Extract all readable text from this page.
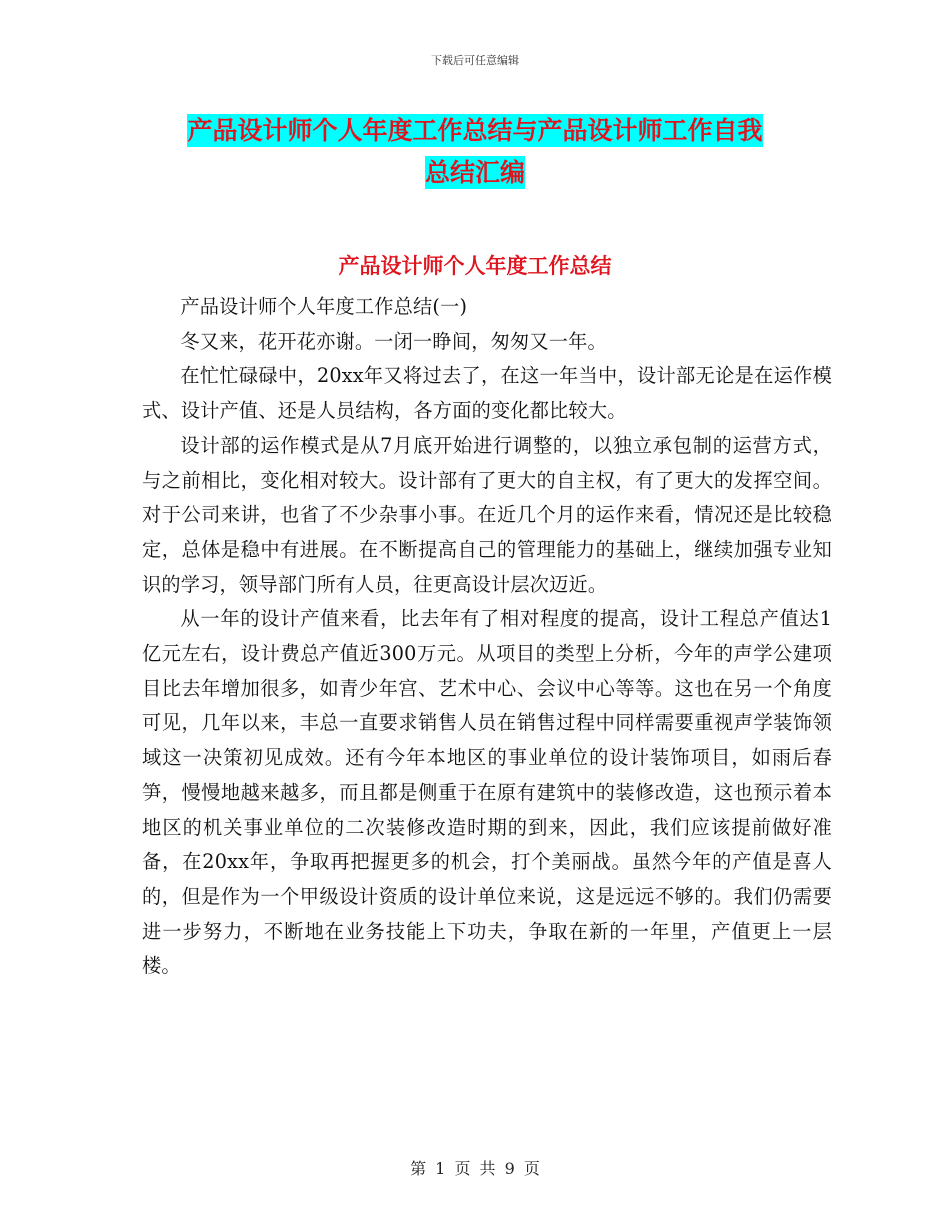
下载后可任意编辑
产品设计师个人年度工作总结与产品设计师工作自我
总结汇编
产品设计师个人年度工作总结

产品设计师个人年度工作总结(一)

冬又来，花开花亦谢。一闭一睁间，匆匆又一年。

在忙忙碌碌中，20xx年又将过去了，在这一年当中，设计部无论是在运作模式、设计产值、还是人员结构，各方面的变化都比较大。

设计部的运作模式是从7月底开始进行调整的，以独立承包制的运营方式，与之前相比，变化相对较大。设计部有了更大的自主权，有了更大的发挥空间。对于公司来讲，也省了不少杂事小事。在近几个月的运作来看，情况还是比较稳定，总体是稳中有进展。在不断提高自己的管理能力的基础上，继续加强专业知识的学习，领导部门所有人员，往更高设计层次迈近。

从一年的设计产值来看，比去年有了相对程度的提高，设计工程总产值达1亿元左右，设计费总产值近300万元。从项目的类型上分析，今年的声学公建项目比去年增加很多，如青少年宫、艺术中心、会议中心等等。这也在另一个角度可见，几年以来，丰总一直要求销售人员在销售过程中同样需要重视声学装饰领域这一决策初见成效。还有今年本地区的事业单位的设计装饰项目，如雨后春笋，慢慢地越来越多，而且都是侧重于在原有建筑中的装修改造，这也预示着本地区的机关事业单位的二次装修改造时期的到来，因此，我们应该提前做好准备，在20xx年，争取再把握更多的机会，打个美丽战。虽然今年的产值是喜人的，但是作为一个甲级设计资质的设计单位来说，这是远远不够的。我们仍需要进一步努力，不断地在业务技能上下功夫，争取在新的一年里，产值更上一层楼。

第 1 页 共 9 页
